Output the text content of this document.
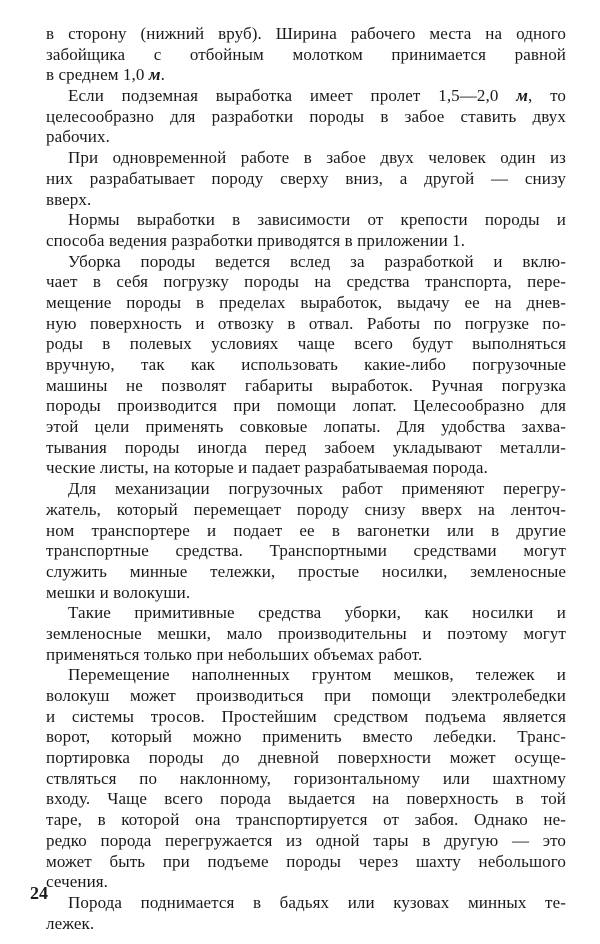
в сторону (нижний вруб). Ширина рабочего места на одного
забойщика с отбойным молотком принимается равной
в среднем 1,0 м.
Если подземная выработка имеет пролет 1,5—2,0 м, то
целесообразно для разработки породы в забое ставить двух
рабочих.
При одновременной работе в забое двух человек один из
них разрабатывает породу сверху вниз, а другой — снизу
вверх.
Нормы выработки в зависимости от крепости породы и
способа ведения разработки приводятся в приложении 1.
Уборка породы ведется вслед за разработкой и вклю-
чает в себя погрузку породы на средства транспорта, пере-
мещение породы в пределах выработок, выдачу ее на днев-
ную поверхность и отвозку в отвал. Работы по погрузке по-
роды в полевых условиях чаще всего будут выполняться
вручную, так как использовать какие-либо погрузочные
машины не позволят габариты выработок. Ручная погрузка
породы производится при помощи лопат. Целесообразно для
этой цели применять совковые лопаты. Для удобства захва-
тывания породы иногда перед забоем укладывают металли-
ческие листы, на которые и падает разрабатываемая порода.
Для механизации погрузочных работ применяют перегру-
жатель, который перемещает породу снизу вверх на ленточ-
ном транспортере и подает ее в вагонетки или в другие
транспортные средства. Транспортными средствами могут
служить минные тележки, простые носилки, земленосные
мешки и волокуши.
Такие примитивные средства уборки, как носилки и
земленосные мешки, мало производительны и поэтому могут
применяться только при небольших объемах работ.
Перемещение наполненных грунтом мешков, тележек и
волокуш может производиться при помощи электролебедки
и системы тросов. Простейшим средством подъема является
ворот, который можно применить вместо лебедки. Транс-
портировка породы до дневной поверхности может осуще-
ствляться по наклонному, горизонтальному или шахтному
входу. Чаще всего порода выдается на поверхность в той
таре, в которой она транспортируется от забоя. Однако не-
редко порода перегружается из одной тары в другую — это
может быть при подъеме породы через шахту небольшого
сечения.
Порода поднимается в бадьях или кузовах минных те-
лежек.
24
